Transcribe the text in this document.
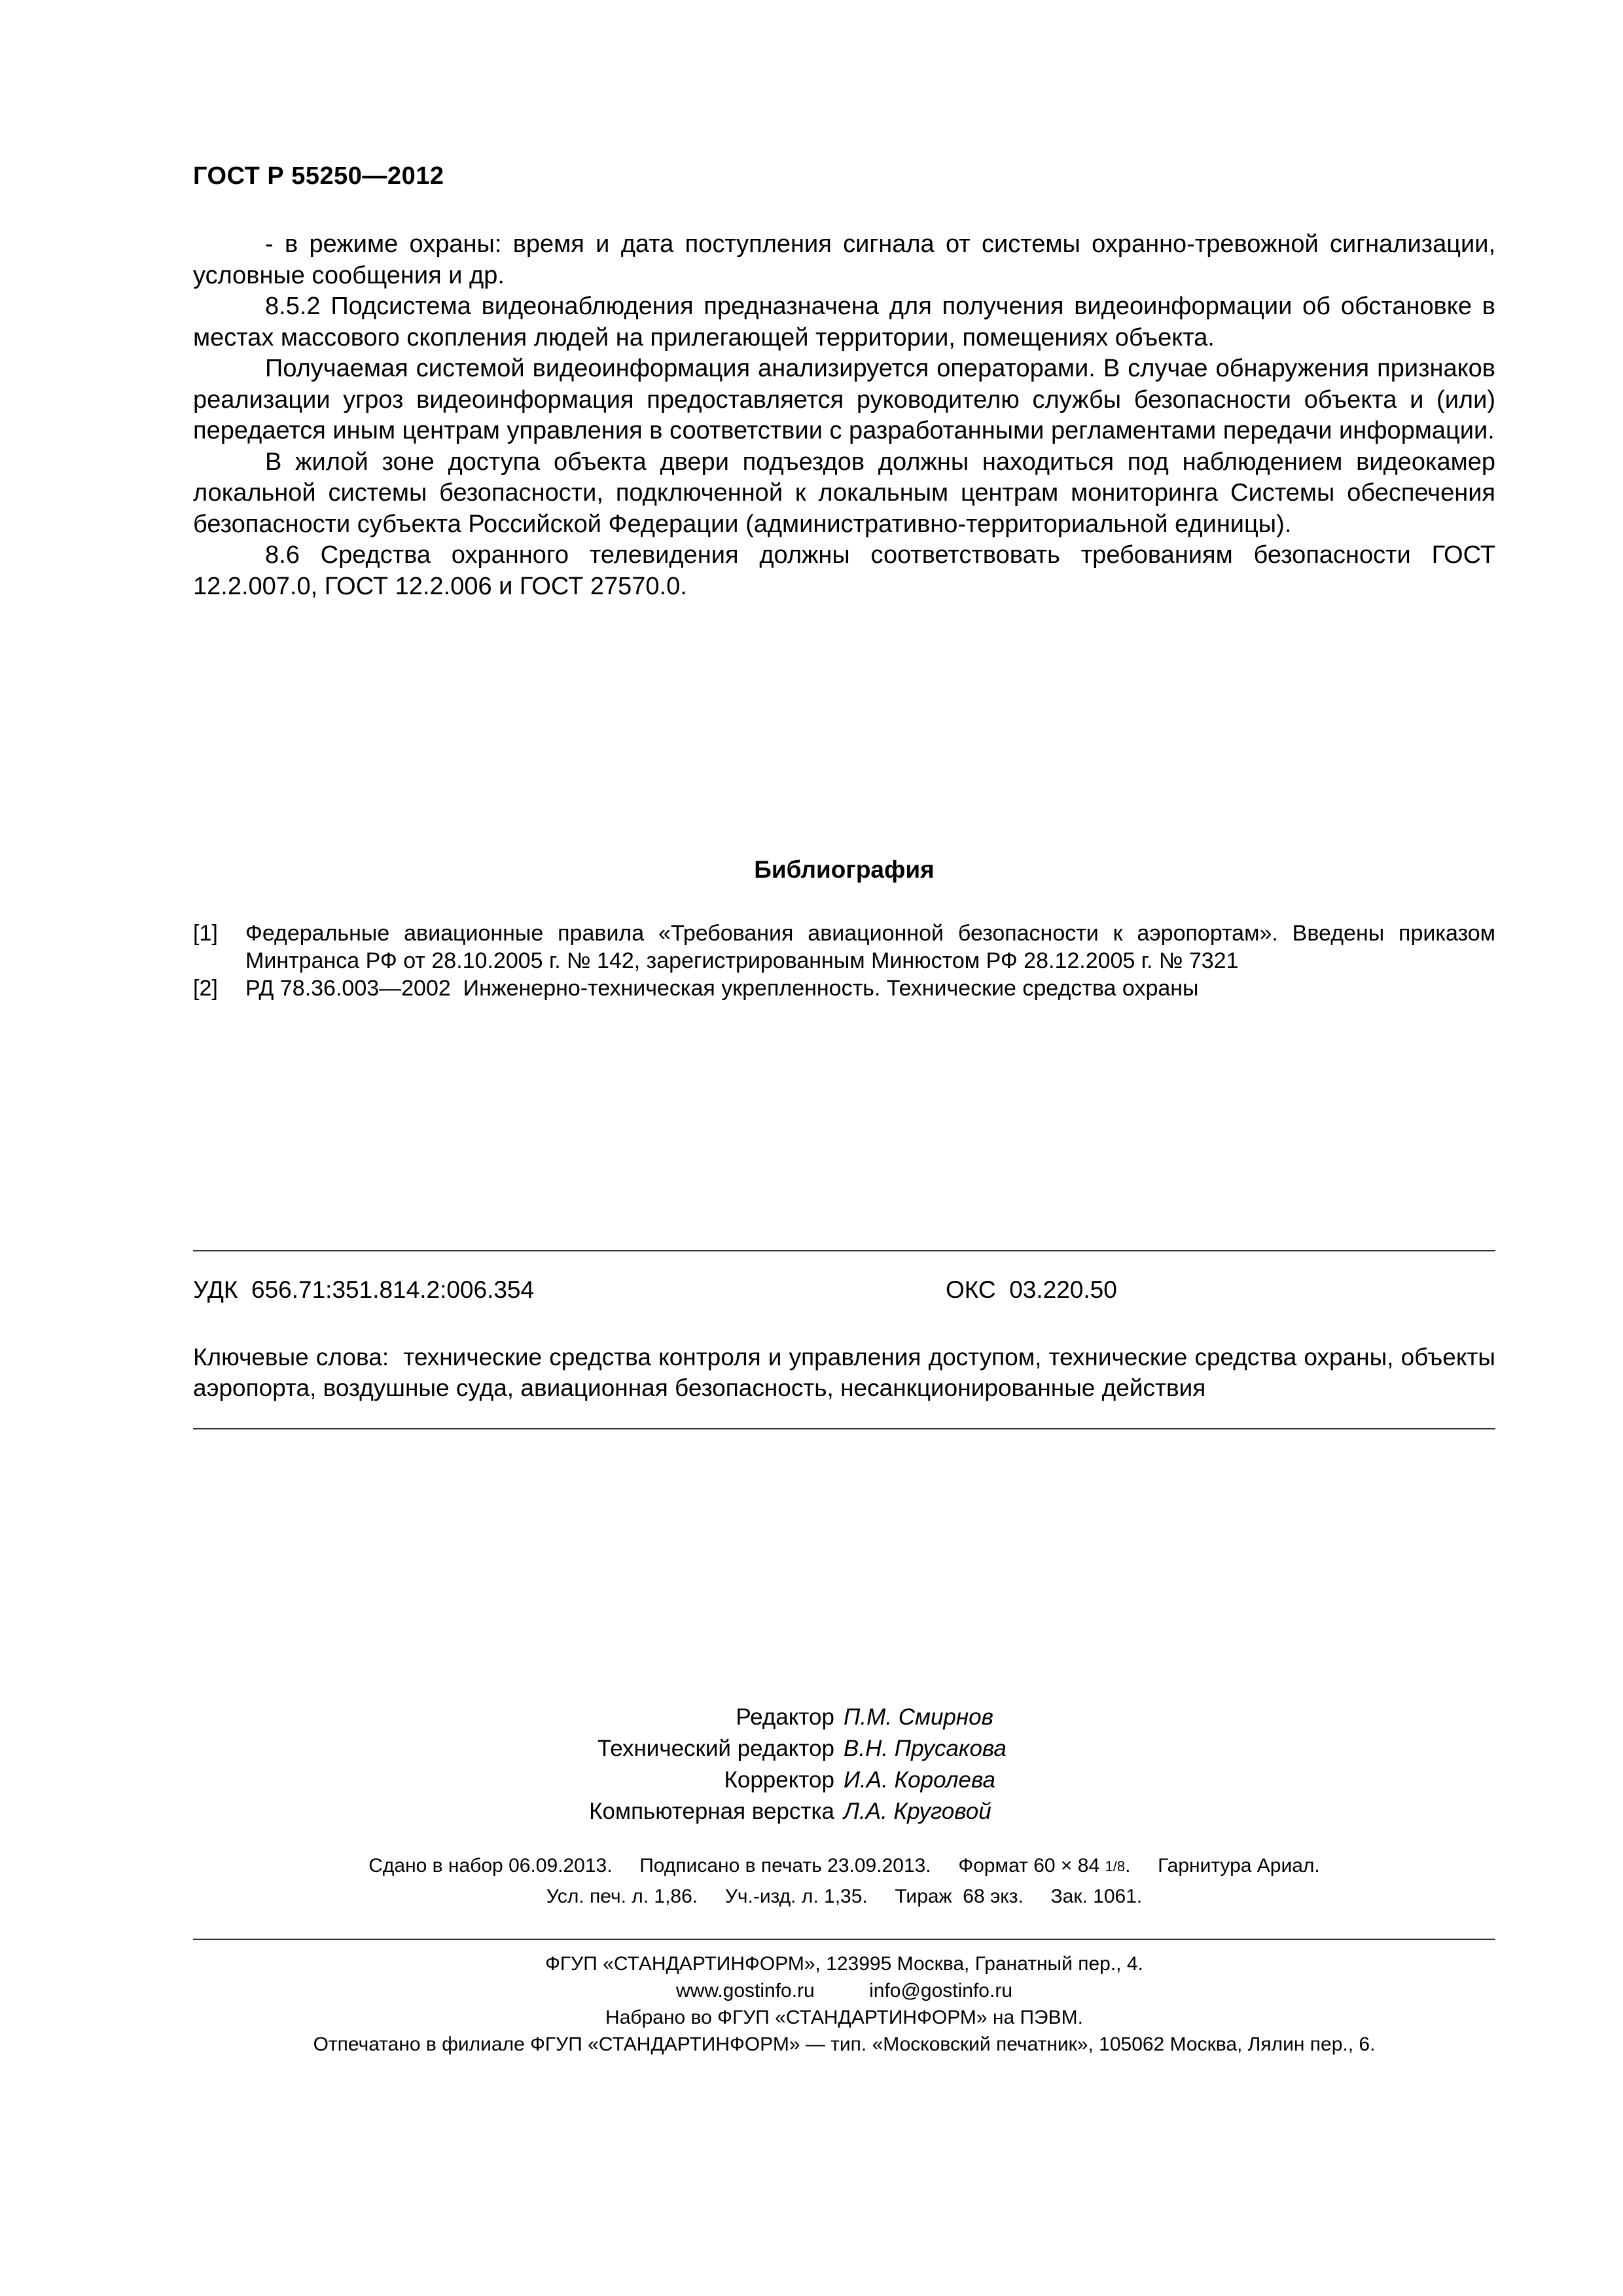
ГОСТ Р 55250—2012

- в режиме охраны: время и дата поступления сигнала от системы охранно-тревожной сигнализации, условные сообщения и др.

8.5.2 Подсистема видеонаблюдения предназначена для получения видеоинформации об обстановке в местах массового скопления людей на прилегающей территории, помещениях объекта.

Получаемая системой видеоинформация анализируется операторами. В случае обнаружения признаков реализации угроз видеоинформация предоставляется руководителю службы безопасности объекта и (или) передается иным центрам управления в соответствии с разработанными регламентами передачи информации.

В жилой зоне доступа объекта двери подъездов должны находиться под наблюдением видеокамер локальной системы безопасности, подключенной к локальным центрам мониторинга Системы обеспечения безопасности субъекта Российской Федерации (административно-территориальной единицы).

8.6 Средства охранного телевидения должны соответствовать требованиям безопасности ГОСТ 12.2.007.0, ГОСТ 12.2.006 и ГОСТ 27570.0.

Библиография
[1] Федеральные авиационные правила «Требования авиационной безопасности к аэропортам». Введены приказом Минтранса РФ от 28.10.2005 г. № 142, зарегистрированным Минюстом РФ 28.12.2005 г. № 7321
[2] РД 78.36.003—2002  Инженерно-техническая укрепленность. Технические средства охраны
УДК  656.71:351.814.2:006.354	ОКС  03.220.50
Ключевые слова:  технические средства контроля и управления доступом, технические средства охраны, объекты аэропорта, воздушные суда, авиационная безопасность, несанкционированные действия
Редактор П.М. Смирнов
Технический редактор В.Н. Прусакова
Корректор И.А. Королева
Компьютерная верстка Л.А. Круговой
Сдано в набор 06.09.2013.     Подписано в печать 23.09.2013.     Формат 60 × 84 1/8.     Гарнитура Ариал.
Усл. печ. л. 1,86.     Уч.-изд. л. 1,35.     Тираж  68 экз.     Зак. 1061.
ФГУП «СТАНДАРТИНФОРМ», 123995 Москва, Гранатный пер., 4.
www.gostinfo.ru          info@gostinfo.ru
Набрано во ФГУП «СТАНДАРТИНФОРМ» на ПЭВМ.
Отпечатано в филиале ФГУП «СТАНДАРТИНФОРМ» — тип. «Московский печатник», 105062 Москва, Лялин пер., 6.
